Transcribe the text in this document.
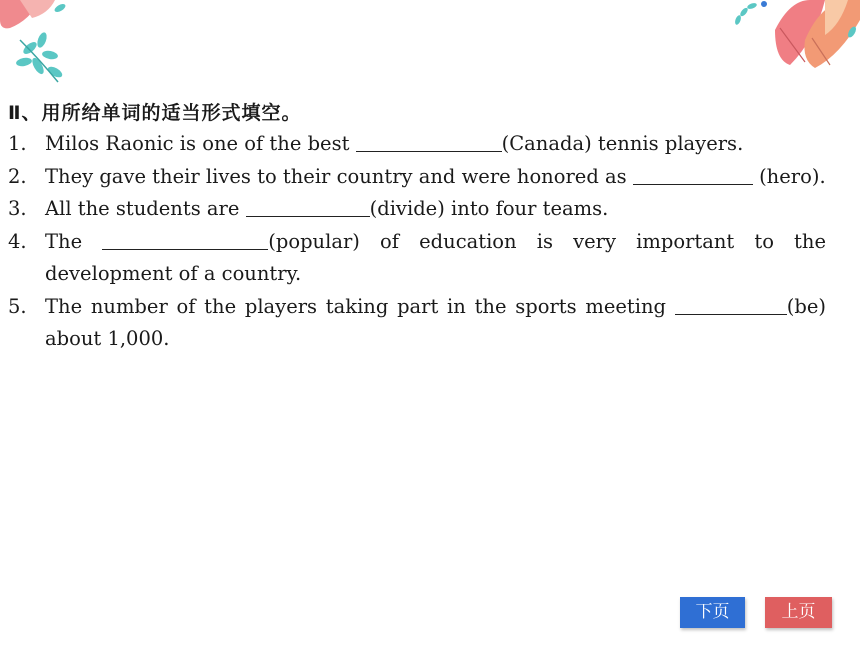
Ⅱ、用所给单词的适当形式填空。
1. Milos Raonic is one of the best	(Canada) tennis players.
2. They gave their lives to their country and were honored as	(hero).
3. All the students are	(divide) into four teams.
4. The	(popular) of education is very important to the development of a country.
5. The number of the players taking part in the sports meeting	(be) about 1,000.
下页	上页
